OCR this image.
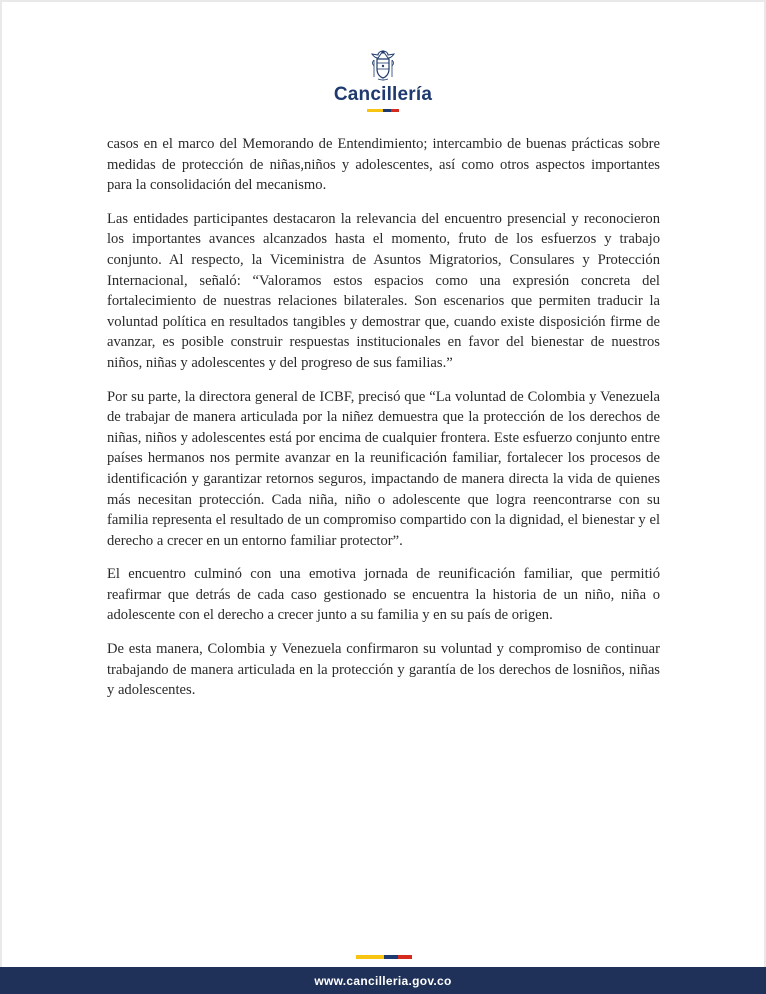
Cancillería

casos en el marco del Memorando de Entendimiento; intercambio de buenas prácticas sobre medidas de protección de niñas,niños y adolescentes, así como otros aspectos importantes para la consolidación del mecanismo.

Las entidades participantes destacaron la relevancia del encuentro presencial y reconocieron los importantes avances alcanzados hasta el momento, fruto de los esfuerzos y trabajo conjunto. Al respecto, la Viceministra de Asuntos Migratorios, Consulares y Protección Internacional, señaló: “Valoramos estos espacios como una expresión concreta del fortalecimiento de nuestras relaciones bilaterales. Son escenarios que permiten traducir la voluntad política en resultados tangibles y demostrar que, cuando existe disposición firme de avanzar, es posible construir respuestas institucionales en favor del bienestar de nuestros niños, niñas y adolescentes y del progreso de sus familias.”

Por su parte, la directora general de ICBF, precisó que “La voluntad de Colombia y Venezuela de trabajar de manera articulada por la niñez demuestra que la protección de los derechos de niñas, niños y adolescentes está por encima de cualquier frontera. Este esfuerzo conjunto entre países hermanos nos permite avanzar en la reunificación familiar, fortalecer los procesos de identificación y garantizar retornos seguros, impactando de manera directa la vida de quienes más necesitan protección. Cada niña, niño o adolescente que logra reencontrarse con su familia representa el resultado de un compromiso compartido con la dignidad, el bienestar y el derecho a crecer en un entorno familiar protector”.

El encuentro culminó con una emotiva jornada de reunificación familiar, que permitió reafirmar que detrás de cada caso gestionado se encuentra la historia de un niño, niña o adolescente con el derecho a crecer junto a su familia y en su país de origen.

De esta manera, Colombia y Venezuela confirmaron su voluntad y compromiso de continuar trabajando de manera articulada en la protección y garantía de los derechos de losniños, niñas y adolescentes.

www.cancilleria.gov.co
